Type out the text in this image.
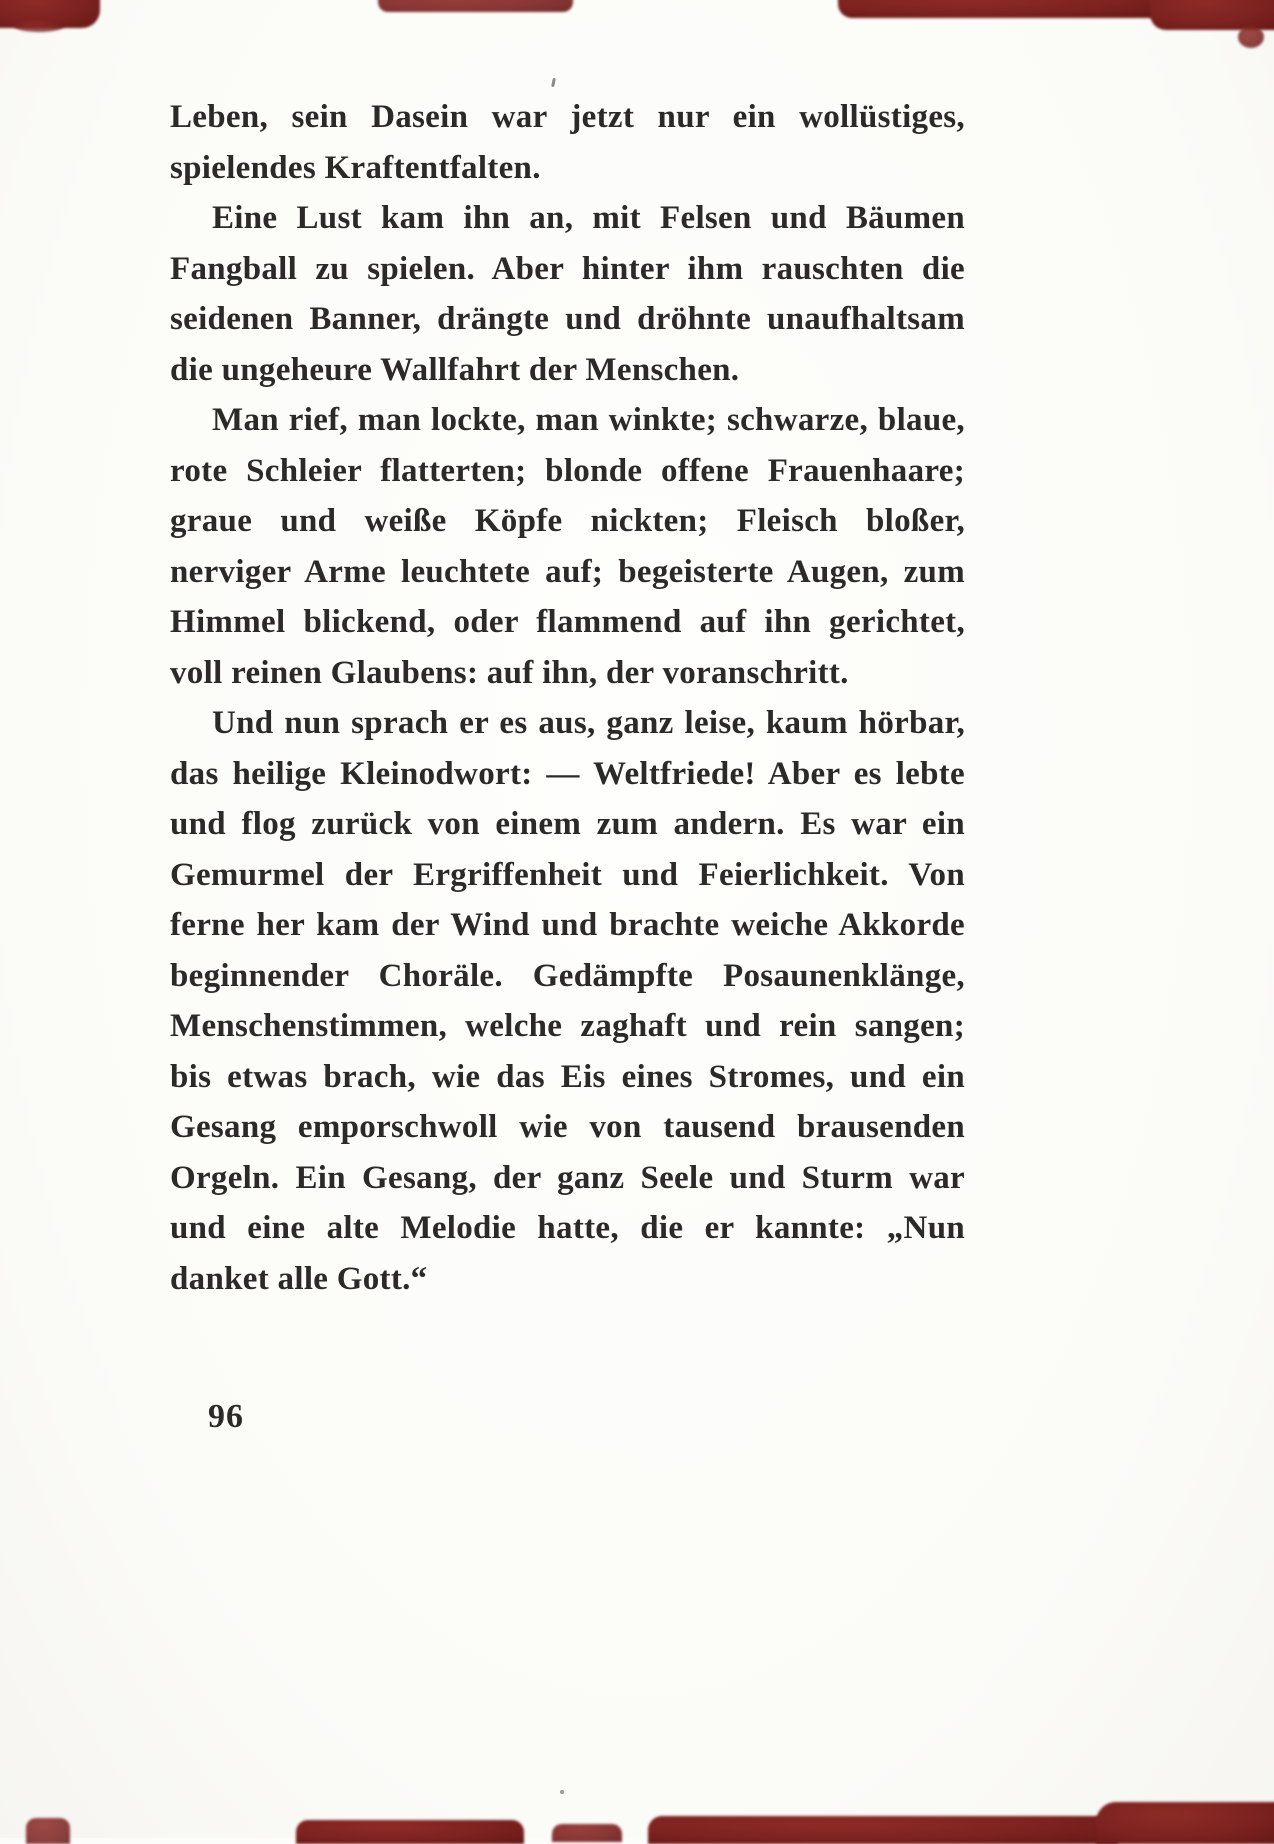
Leben, sein Dasein war jetzt nur ein wollüstiges, spielendes Kraftentfalten.

Eine Lust kam ihn an, mit Felsen und Bäumen Fangball zu spielen. Aber hinter ihm rauschten die seidenen Banner, drängte und dröhnte unaufhaltsam die ungeheure Wallfahrt der Menschen.

Man rief, man lockte, man winkte; schwarze, blaue, rote Schleier flatterten; blonde offene Frauenhaare; graue und weiße Köpfe nickten; Fleisch bloßer, nerviger Arme leuchtete auf; begeisterte Augen, zum Himmel blickend, oder flammend auf ihn gerichtet, voll reinen Glaubens: auf ihn, der voranschritt.

Und nun sprach er es aus, ganz leise, kaum hörbar, das heilige Kleinodwort: — Weltfriede! Aber es lebte und flog zurück von einem zum andern. Es war ein Gemurmel der Ergriffenheit und Feierlichkeit. Von ferne her kam der Wind und brachte weiche Akkorde beginnender Choräle. Gedämpfte Posaunenklänge, Menschenstimmen, welche zaghaft und rein sangen; bis etwas brach, wie das Eis eines Stromes, und ein Gesang emporschwoll wie von tausend brausenden Orgeln. Ein Gesang, der ganz Seele und Sturm war und eine alte Melodie hatte, die er kannte: „Nun danket alle Gott.“

96
